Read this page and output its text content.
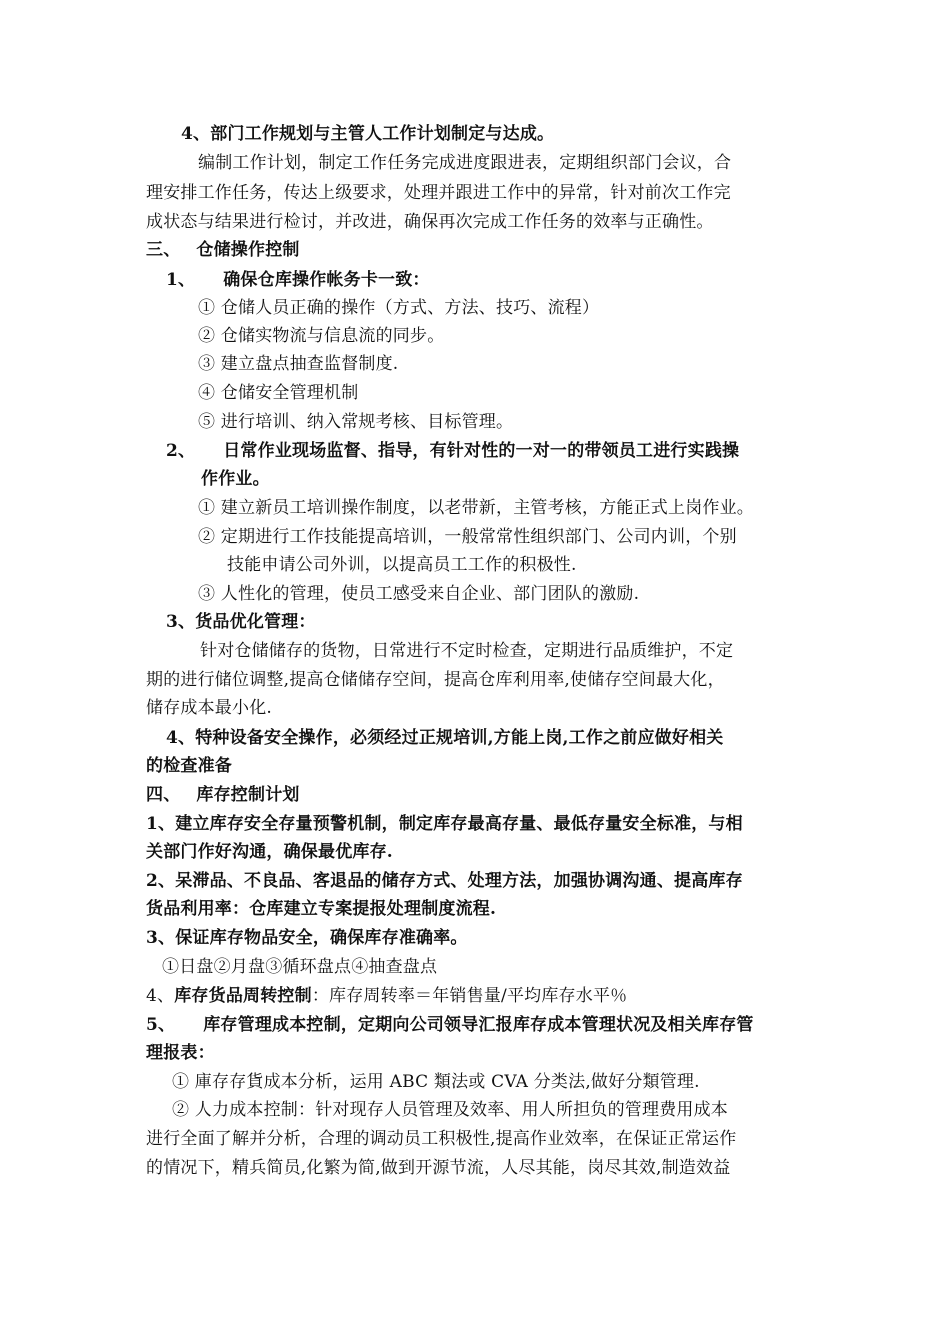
4、部门工作规划与主管人工作计划制定与达成。
编制工作计划，制定工作任务完成进度跟进表，定期组织部门会议，合
理安排工作任务，传达上级要求，处理并跟进工作中的异常，针对前次工作完
成状态与结果进行检讨，并改进，确保再次完成工作任务的效率与正确性。
三、 仓储操作控制
1、 确保仓库操作帐务卡一致：
① 仓储人员正确的操作（方式、方法、技巧、流程）
② 仓储实物流与信息流的同步。
③ 建立盘点抽查监督制度.
④ 仓储安全管理机制
⑤ 进行培训、纳入常规考核、目标管理。
2、 日常作业现场监督、指导，有针对性的一对一的带领员工进行实践操
作作业。
① 建立新员工培训操作制度，以老带新，主管考核，方能正式上岗作业。
② 定期进行工作技能提高培训，一般常常性组织部门、公司内训，个别
技能申请公司外训，以提高员工工作的积极性.
③ 人性化的管理，使员工感受来自企业、部门团队的激励.
3、货品优化管理：
针对仓储储存的货物，日常进行不定时检查，定期进行品质维护，不定
期的进行储位调整,提高仓储储存空间，提高仓库利用率,使储存空间最大化，
储存成本最小化.
4、特种设备安全操作，必须经过正规培训,方能上岗,工作之前应做好相关
的检查准备
四、 库存控制计划
1、建立库存安全存量预警机制，制定库存最高存量、最低存量安全标准，与相
关部门作好沟通，确保最优库存.
2、呆滞品、不良品、客退品的储存方式、处理方法，加强协调沟通、提高库存
货品利用率：仓库建立专案提报处理制度流程.
3、保证库存物品安全，确保库存准确率。
①日盘②月盘③循环盘点④抽查盘点
4、库存货品周转控制：库存周转率＝年销售量/平均库存水平％
5、 库存管理成本控制，定期向公司领导汇报库存成本管理状况及相关库存管
理报表：
① 庫存存貨成本分析，运用 ABC 類法或 CVA 分类法,做好分類管理.
② 人力成本控制：针对现存人员管理及效率、用人所担负的管理费用成本
进行全面了解并分析，合理的调动员工积极性,提高作业效率，在保证正常运作
的情况下，精兵简员,化繁为简,做到开源节流，人尽其能，岗尽其效,制造效益
